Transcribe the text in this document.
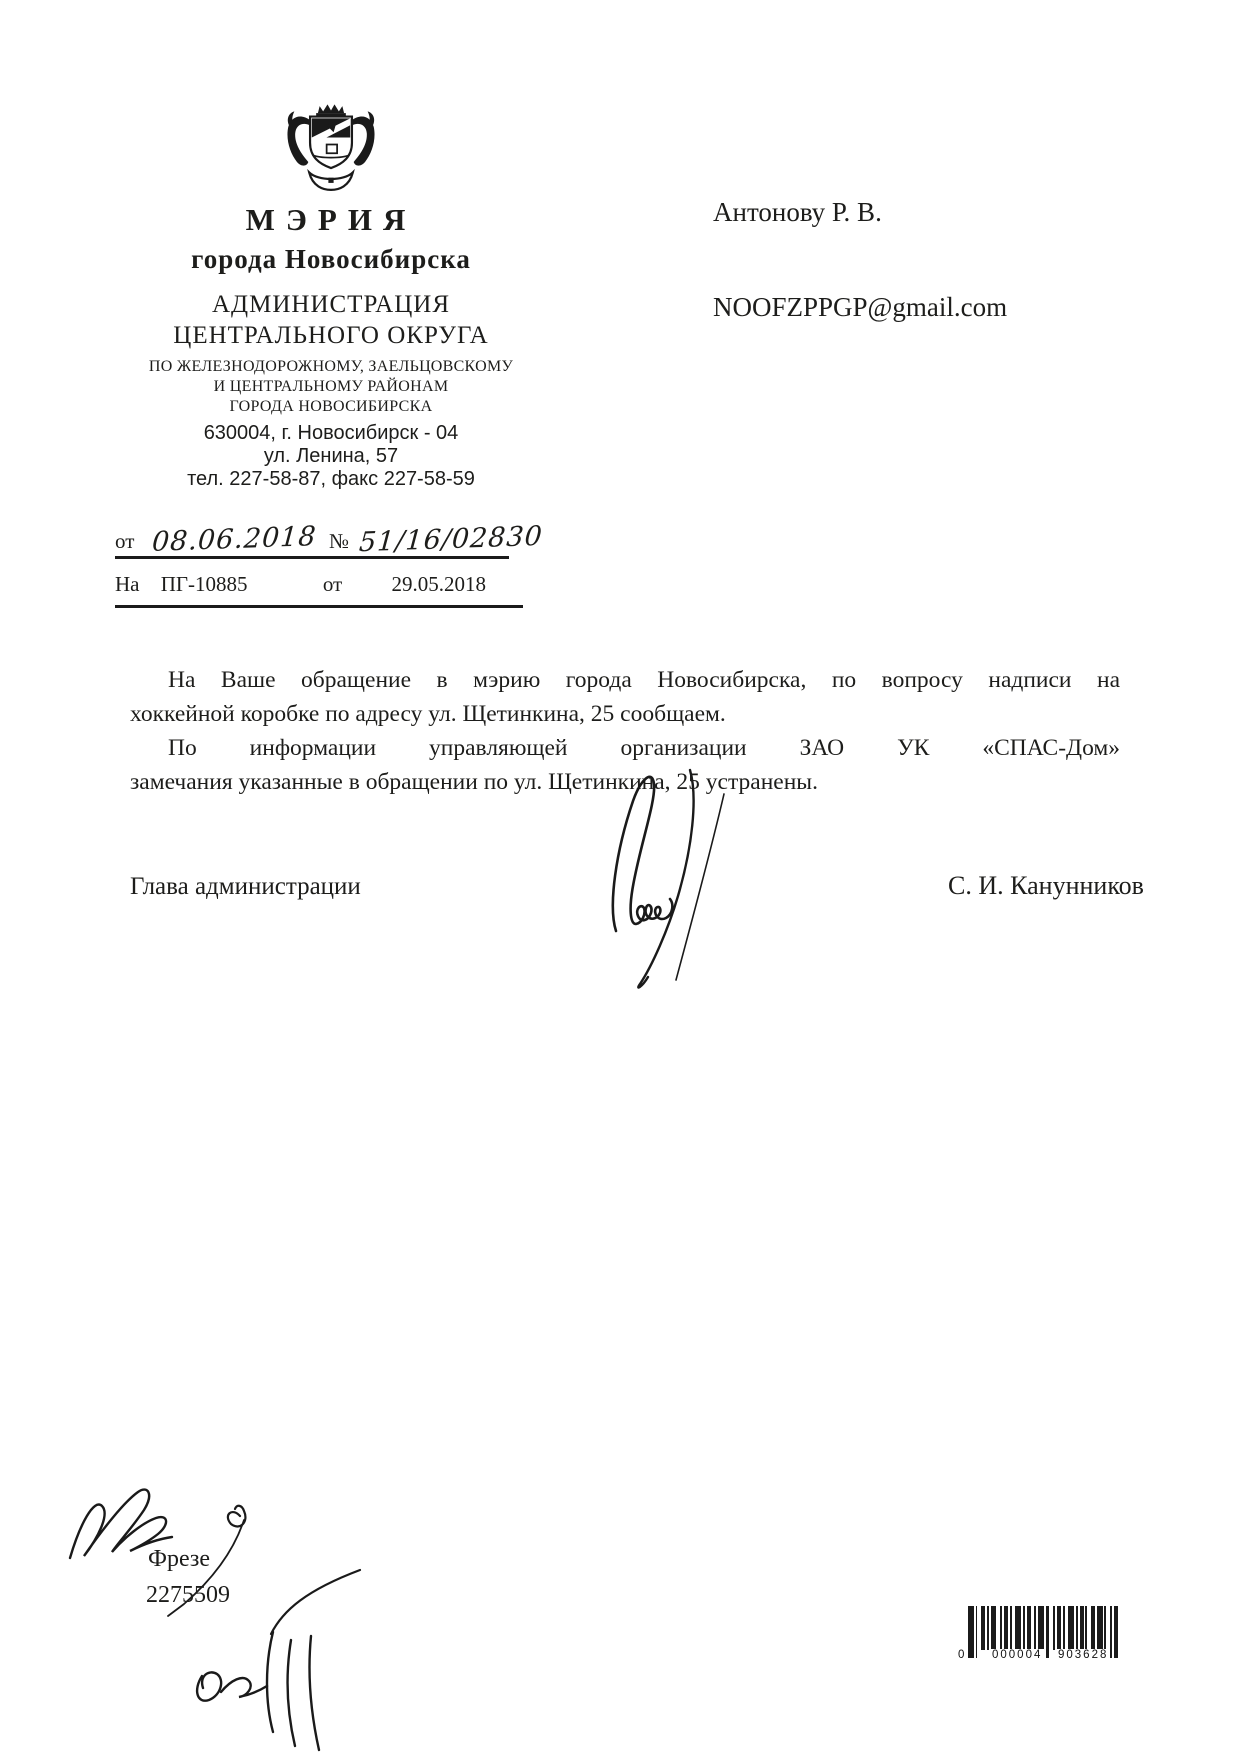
МЭРИЯ
города Новосибирска
АДМИНИСТРАЦИЯ
ЦЕНТРАЛЬНОГО ОКРУГА
ПО ЖЕЛЕЗНОДОРОЖНОМУ, ЗАЕЛЬЦОВСКОМУ
И ЦЕНТРАЛЬНОМУ РАЙОНАМ
ГОРОДА НОВОСИБИРСКА
630004, г. Новосибирск - 04
ул. Ленина, 57
тел. 227-58-87, факс 227-58-59
от 08.06.2018 № 51/16/02830
На ПГ-10885	от 29.05.2018
Антонову Р. В.
NOOFZPPGP@gmail.com
На Ваше обращение в мэрию города Новосибирска, по вопросу надписи на
хоккейной коробке по адресу ул. Щетинкина, 25 сообщаем.
По информации управляющей организации ЗАО УК «СПАС-Дом»
замечания указанные в обращении по ул. Щетинкина, 25 устранены.
Глава администрации	С. И. Канунников
Фрезе
2275509
0 000004 903628
